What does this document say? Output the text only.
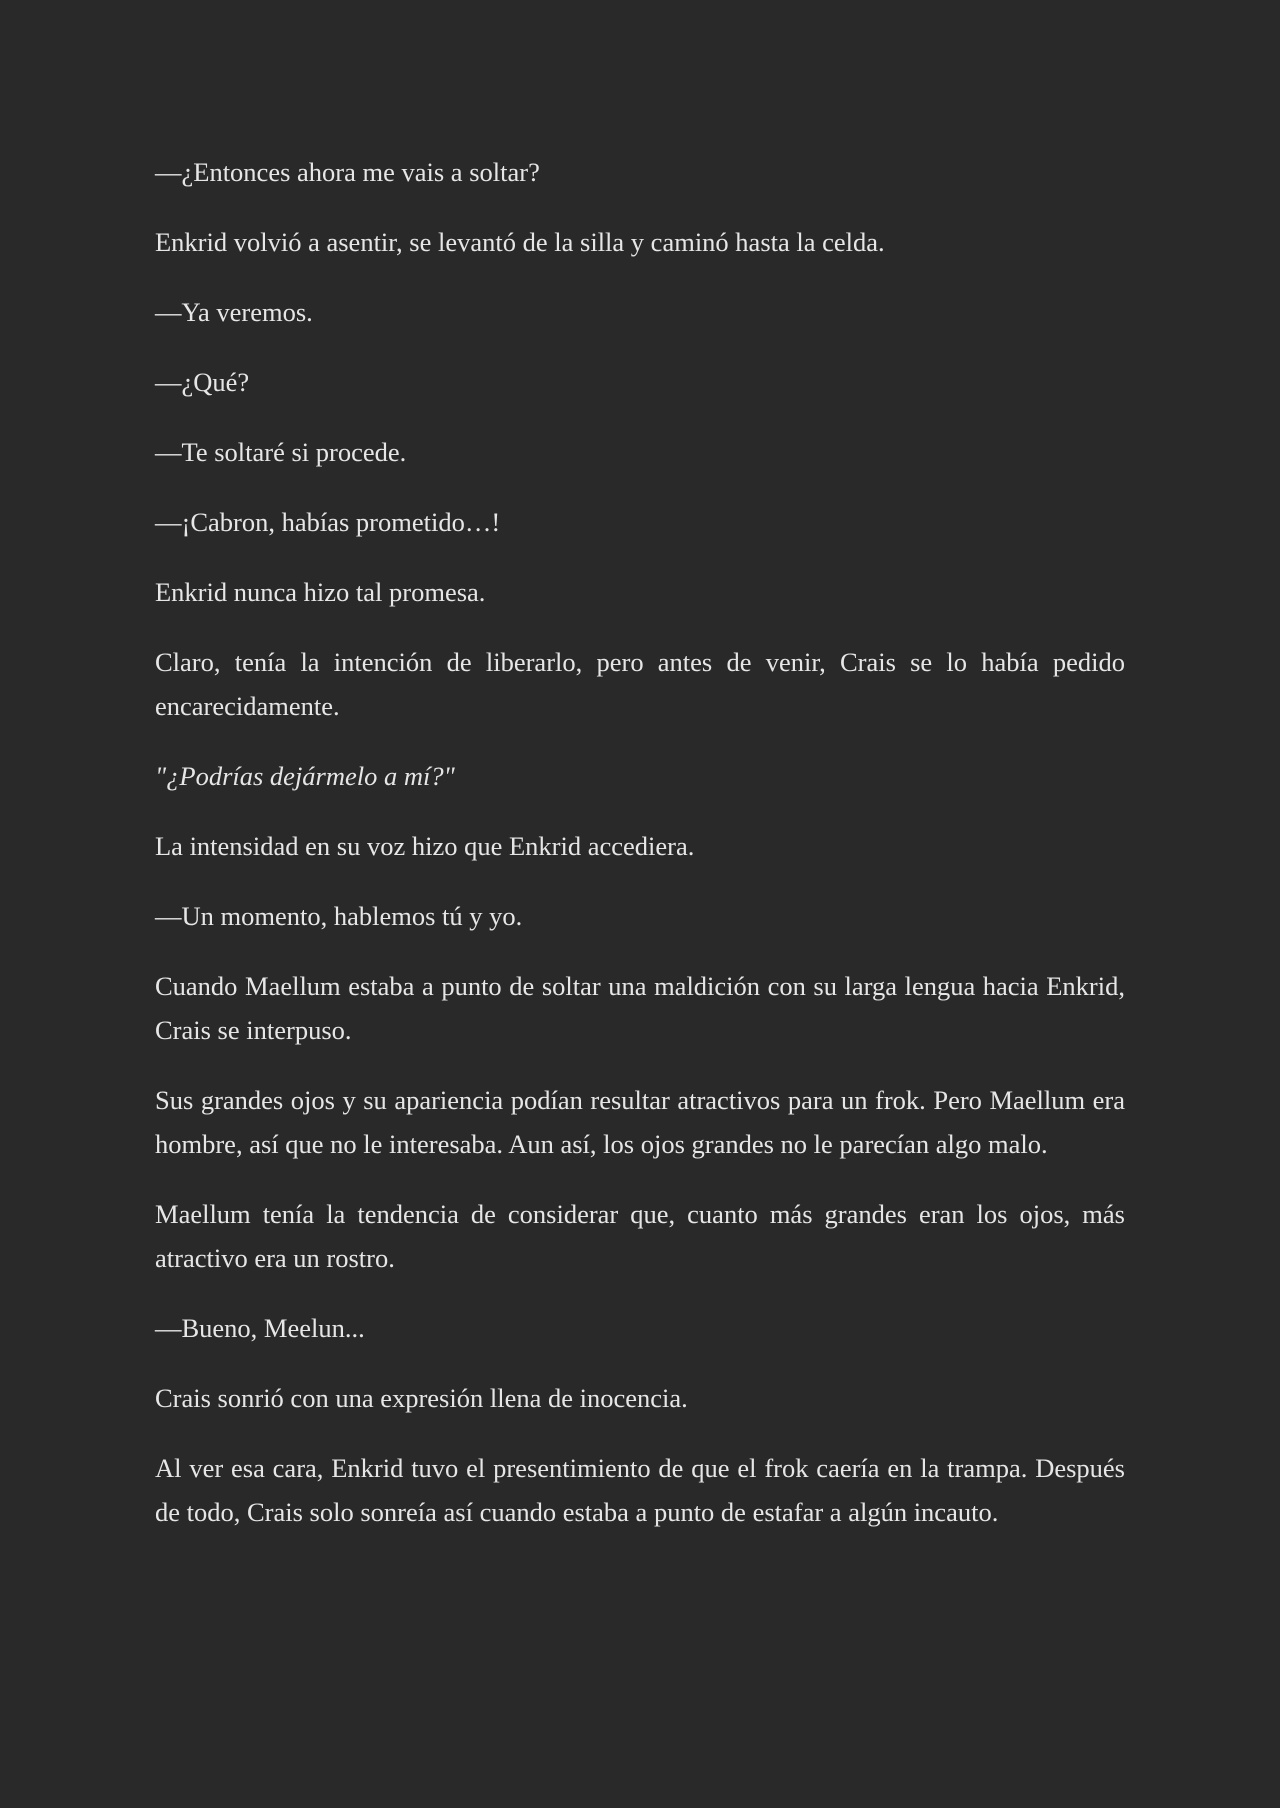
—¿Entonces ahora me vais a soltar?

Enkrid volvió a asentir, se levantó de la silla y caminó hasta la celda.

—Ya veremos.

—¿Qué?

—Te soltaré si procede.

—¡Cabron, habías prometido…!

Enkrid nunca hizo tal promesa.

Claro, tenía la intención de liberarlo, pero antes de venir, Crais se lo había pedido encarecidamente.

"¿Podrías dejármelo a mí?"

La intensidad en su voz hizo que Enkrid accediera.

—Un momento, hablemos tú y yo.

Cuando Maellum estaba a punto de soltar una maldición con su larga lengua hacia Enkrid, Crais se interpuso.

Sus grandes ojos y su apariencia podían resultar atractivos para un frok. Pero Maellum era hombre, así que no le interesaba. Aun así, los ojos grandes no le parecían algo malo.

Maellum tenía la tendencia de considerar que, cuanto más grandes eran los ojos, más atractivo era un rostro.

—Bueno, Meelun...

Crais sonrió con una expresión llena de inocencia.

Al ver esa cara, Enkrid tuvo el presentimiento de que el frok caería en la trampa. Después de todo, Crais solo sonreía así cuando estaba a punto de estafar a algún incauto.
